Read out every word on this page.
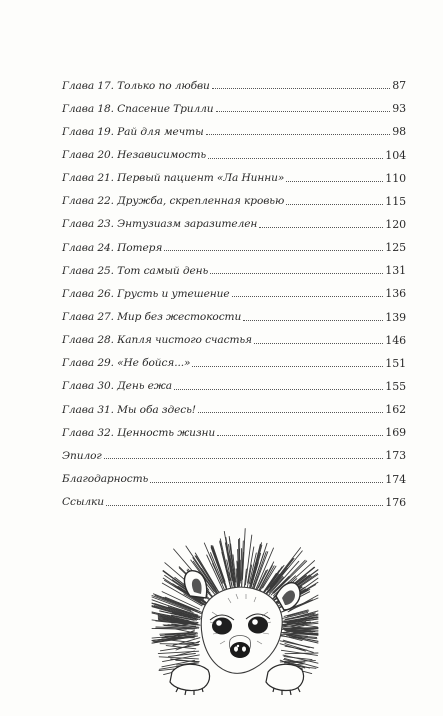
Глава 17. Только по любви	87
Глава 18. Спасение Трилли	93
Глава 19. Рай для мечты	98
Глава 20. Независимость	104
Глава 21. Первый пациент «Ла Нинни»	110
Глава 22. Дружба, скрепленная кровью	115
Глава 23. Энтузиазм заразителен	120
Глава 24. Потеря	125
Глава 25. Тот самый день	131
Глава 26. Грусть и утешение	136
Глава 27. Мир без жестокости	139
Глава 28. Капля чистого счастья	146
Глава 29. «Не бойся...»	151
Глава 30. День ежа	155
Глава 31. Мы оба здесь!	162
Глава 32. Ценность жизни	169
Эпилог	173
Благодарность	174
Ссылки	176
